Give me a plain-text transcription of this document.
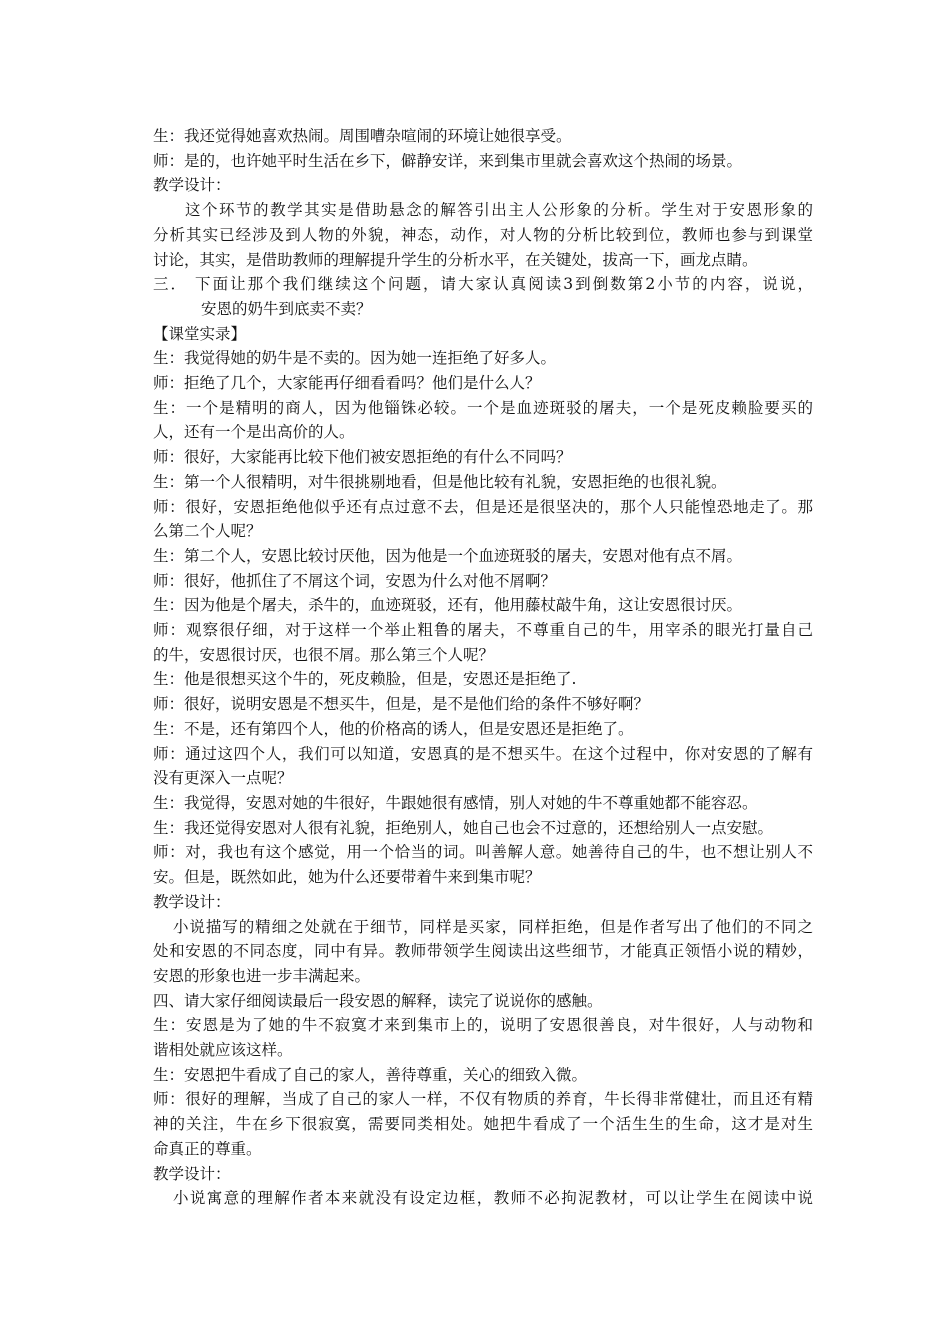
生：我还觉得她喜欢热闹。周围嘈杂喧闹的环境让她很享受。
师：是的，也许她平时生活在乡下，僻静安详，来到集市里就会喜欢这个热闹的场景。
教学设计：
这个环节的教学其实是借助悬念的解答引出主人公形象的分析。学生对于安恩形象的
分析其实已经涉及到人物的外貌，神态，动作，对人物的分析比较到位，教师也参与到课堂
讨论，其实，是借助教师的理解提升学生的分析水平，在关键处，拔高一下，画龙点睛。
三． 下面让那个我们继续这个问题，请大家认真阅读3到倒数第2小节的内容，说说，
安恩的奶牛到底卖不卖？
【课堂实录】
生：我觉得她的奶牛是不卖的。因为她一连拒绝了好多人。
师：拒绝了几个，大家能再仔细看看吗？他们是什么人？
生：一个是精明的商人，因为他锱铢必较。一个是血迹斑驳的屠夫，一个是死皮赖脸要买的
人，还有一个是出高价的人。
师：很好，大家能再比较下他们被安恩拒绝的有什么不同吗？
生：第一个人很精明，对牛很挑剔地看，但是他比较有礼貌，安恩拒绝的也很礼貌。
师：很好，安恩拒绝他似乎还有点过意不去，但是还是很坚决的，那个人只能惶恐地走了。那
么第二个人呢？
生：第二个人，安恩比较讨厌他，因为他是一个血迹斑驳的屠夫，安恩对他有点不屑。
师：很好，他抓住了不屑这个词，安恩为什么对他不屑啊？
生：因为他是个屠夫，杀牛的，血迹斑驳，还有，他用藤杖敲牛角，这让安恩很讨厌。
师：观察很仔细，对于这样一个举止粗鲁的屠夫，不尊重自己的牛，用宰杀的眼光打量自己
的牛，安恩很讨厌，也很不屑。那么第三个人呢？
生：他是很想买这个牛的，死皮赖脸，但是，安恩还是拒绝了.
师：很好，说明安恩是不想买牛，但是，是不是他们给的条件不够好啊？
生：不是，还有第四个人，他的价格高的诱人，但是安恩还是拒绝了。
师：通过这四个人，我们可以知道，安恩真的是不想买牛。在这个过程中，你对安恩的了解有
没有更深入一点呢？
生：我觉得，安恩对她的牛很好，牛跟她很有感情，别人对她的牛不尊重她都不能容忍。
生：我还觉得安恩对人很有礼貌，拒绝别人，她自己也会不过意的，还想给别人一点安慰。
师：对，我也有这个感觉，用一个恰当的词。叫善解人意。她善待自己的牛，也不想让别人不
安。但是，既然如此，她为什么还要带着牛来到集市呢？
教学设计：
小说描写的精细之处就在于细节，同样是买家，同样拒绝，但是作者写出了他们的不同之
处和安恩的不同态度，同中有异。教师带领学生阅读出这些细节，才能真正领悟小说的精妙，
安恩的形象也进一步丰满起来。
四、请大家仔细阅读最后一段安恩的解释，读完了说说你的感触。
生：安恩是为了她的牛不寂寞才来到集市上的，说明了安恩很善良，对牛很好，人与动物和
谐相处就应该这样。
生：安恩把牛看成了自己的家人，善待尊重，关心的细致入微。
师：很好的理解，当成了自己的家人一样，不仅有物质的养育，牛长得非常健壮，而且还有精
神的关注，牛在乡下很寂寞，需要同类相处。她把牛看成了一个活生生的生命，这才是对生
命真正的尊重。
教学设计：
小说寓意的理解作者本来就没有设定边框，教师不必拘泥教材，可以让学生在阅读中说
